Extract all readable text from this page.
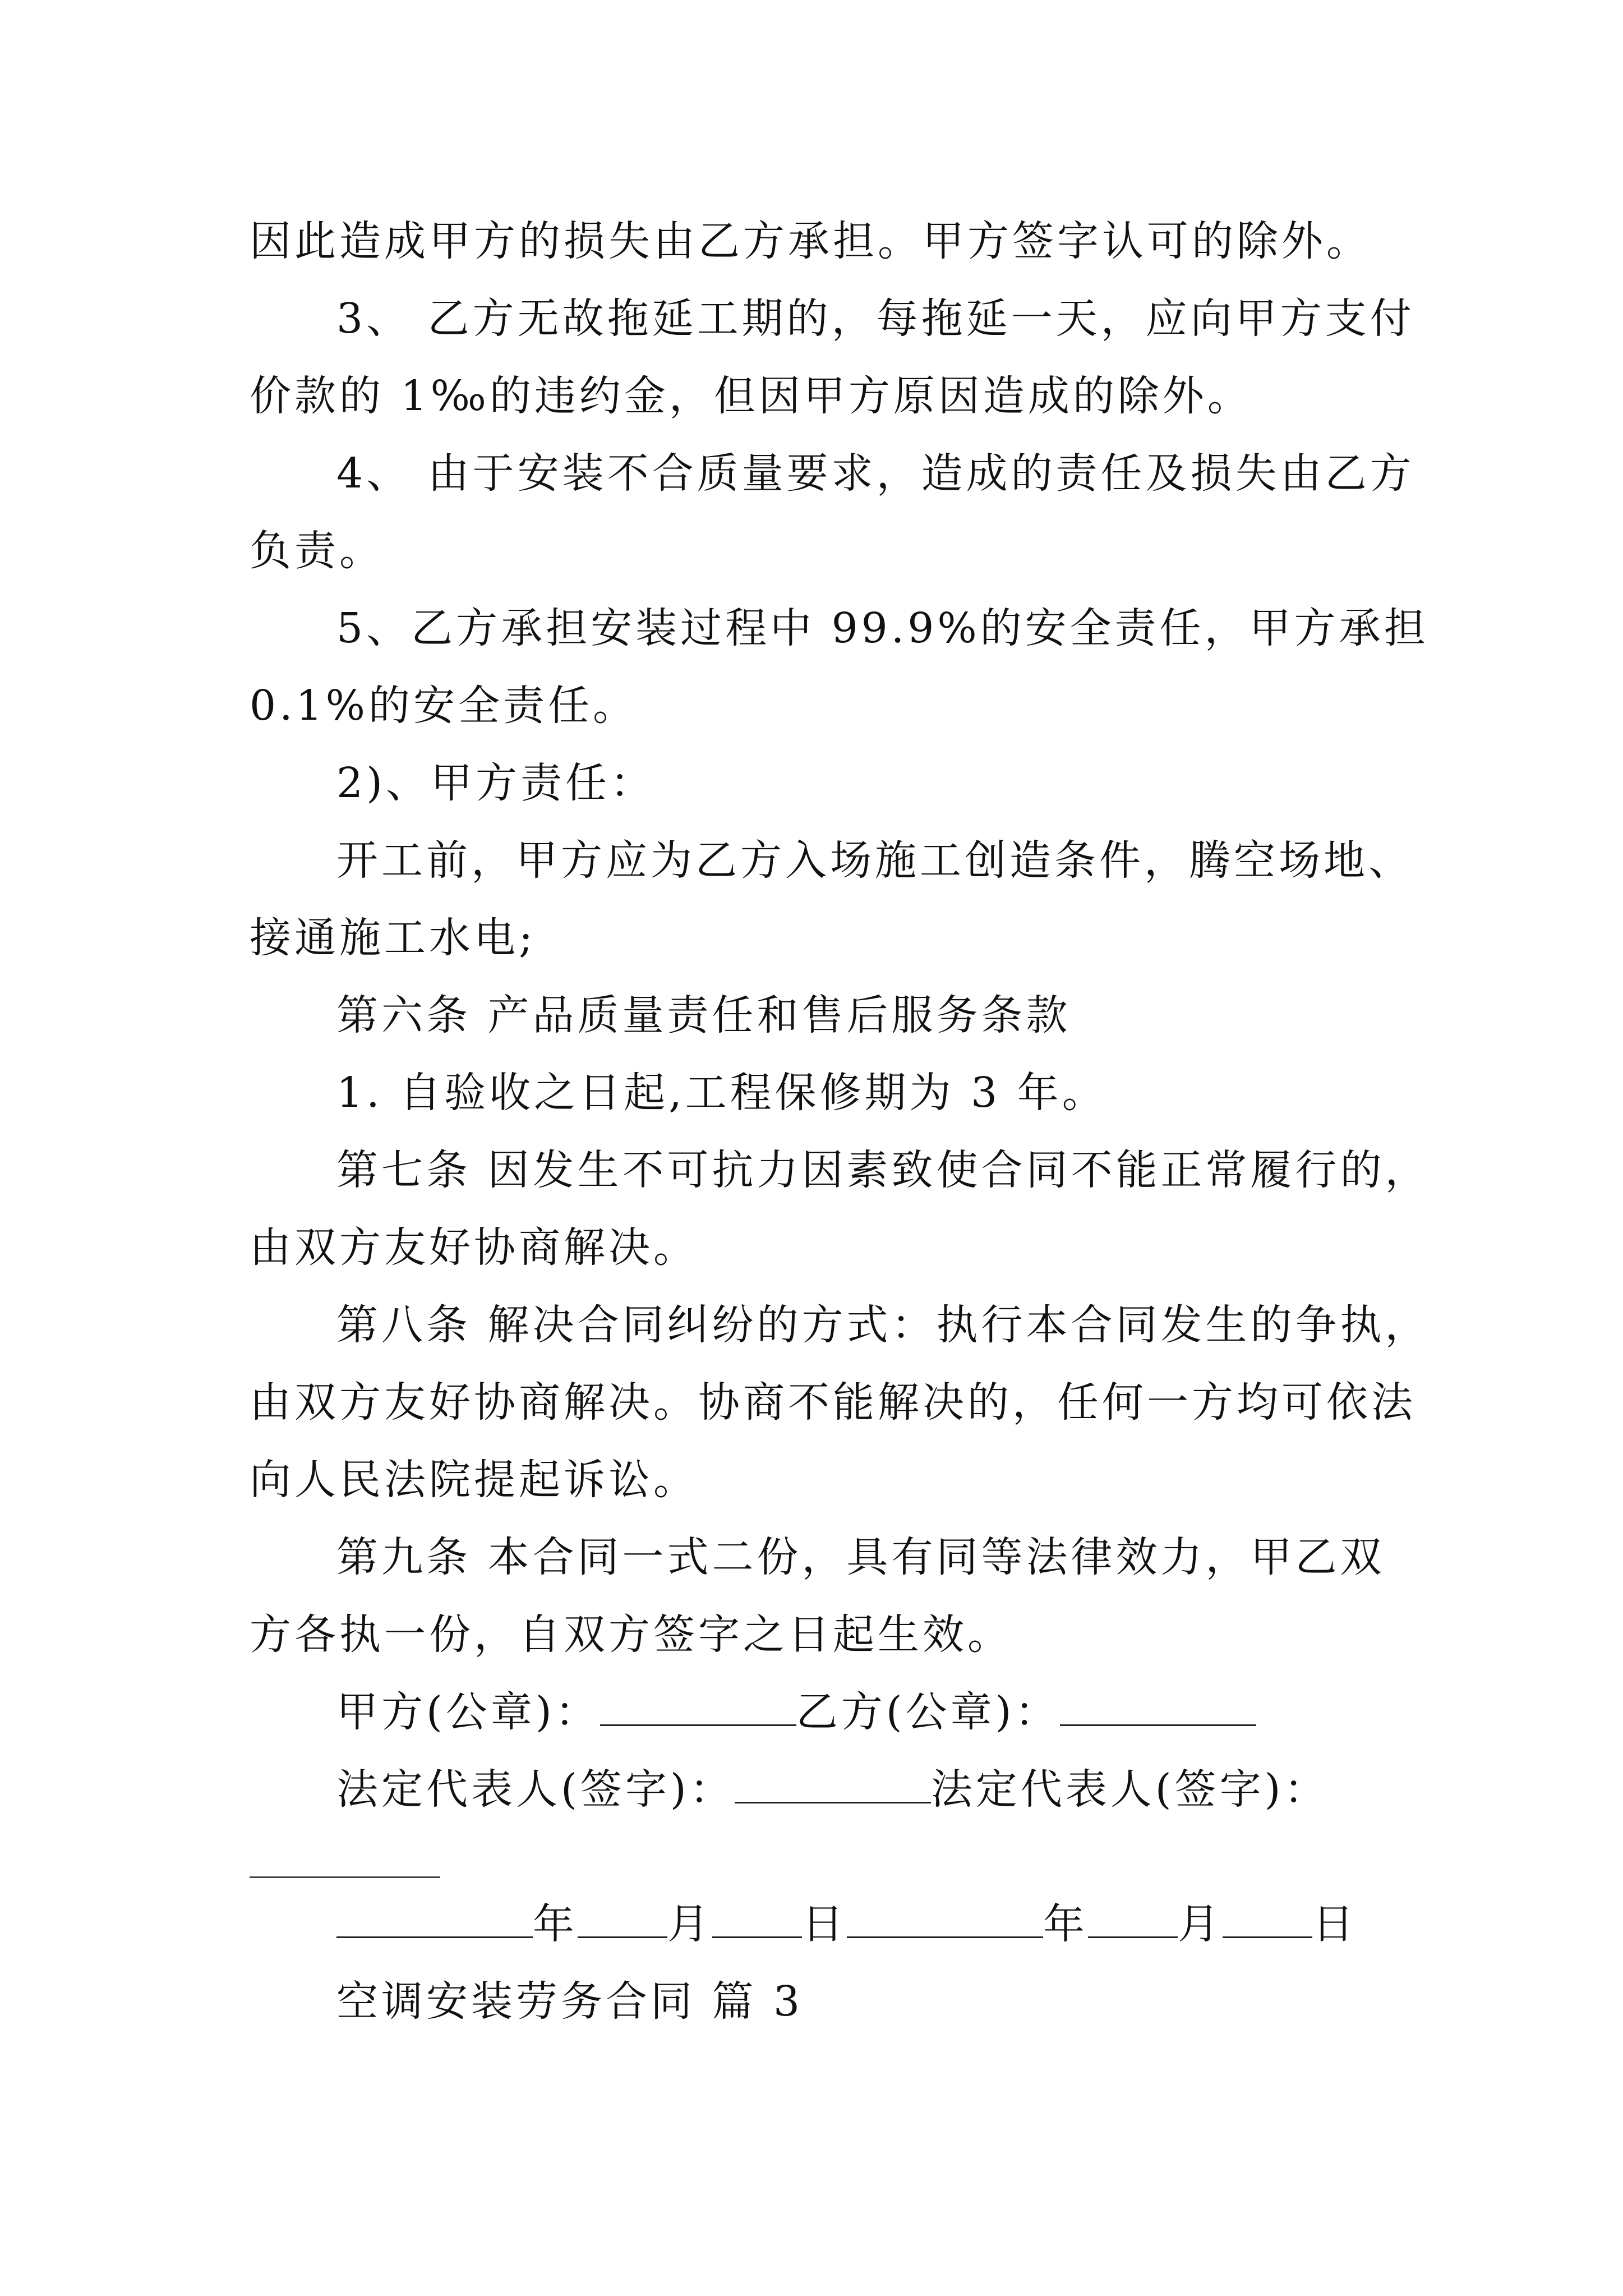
因此造成甲方的损失由乙方承担。甲方签字认可的除外。
3、 乙方无故拖延工期的，每拖延一天，应向甲方支付
价款的 1‰的违约金，但因甲方原因造成的除外。
4、 由于安装不合质量要求，造成的责任及损失由乙方
负责。
5、乙方承担安装过程中 99.9%的安全责任，甲方承担
0.1%的安全责任。
2)、甲方责任：
开工前，甲方应为乙方入场施工创造条件，腾空场地、
接通施工水电;
第六条 产品质量责任和售后服务条款
1. 自验收之日起,工程保修期为 3 年。
第七条 因发生不可抗力因素致使合同不能正常履行的，
由双方友好协商解决。
第八条 解决合同纠纷的方式：执行本合同发生的争执，
由双方友好协商解决。协商不能解决的，任何一方均可依法
向人民法院提起诉讼。
第九条 本合同一式二份，具有同等法律效力，甲乙双
方各执一份，自双方签字之日起生效。
甲方(公章)：	乙方(公章)：
法定代表人(签字)：	法定代表人(签字)：
年 月 日	年 月 日
空调安装劳务合同 篇 3
